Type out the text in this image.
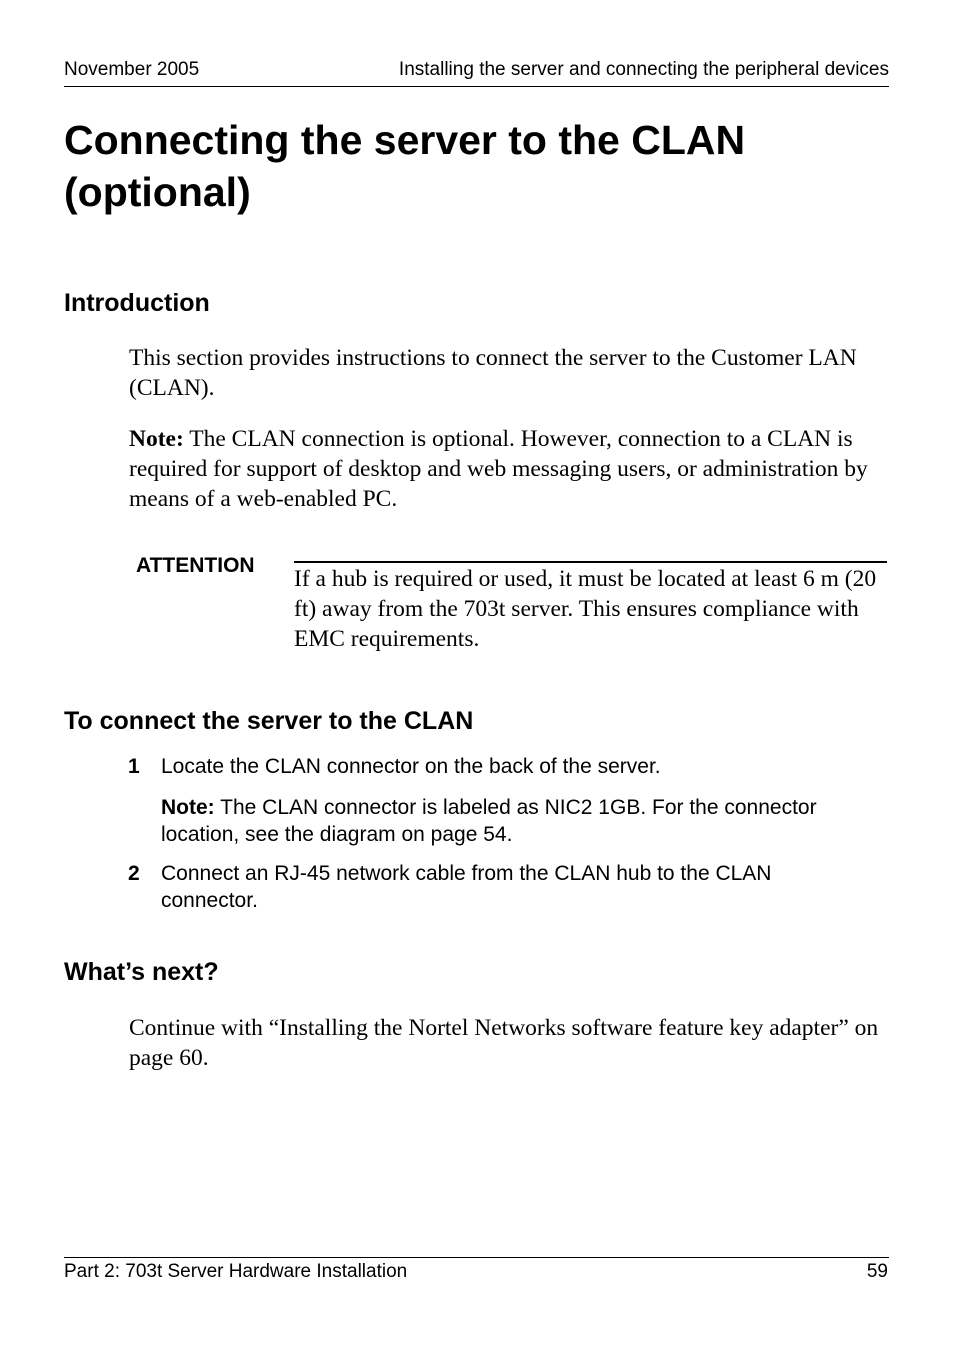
November 2005	Installing the server and connecting the peripheral devices
Connecting the server to the CLAN
(optional)
Introduction

This section provides instructions to connect the server to the Customer LAN (CLAN).

Note: The CLAN connection is optional. However, connection to a CLAN is required for support of desktop and web messaging users, or administration by means of a web-enabled PC.

ATTENTION

If a hub is required or used, it must be located at least 6 m (20 ft) away from the 703t server. This ensures compliance with EMC requirements.

To connect the server to the CLAN
1 Locate the CLAN connector on the back of the server.

Note: The CLAN connector is labeled as NIC2 1GB. For the connector location, see the diagram on page 54.

2 Connect an RJ-45 network cable from the CLAN hub to the CLAN connector.

What’s next?

Continue with “Installing the Nortel Networks software feature key adapter” on page 60.

Part 2: 703t Server Hardware Installation	59
